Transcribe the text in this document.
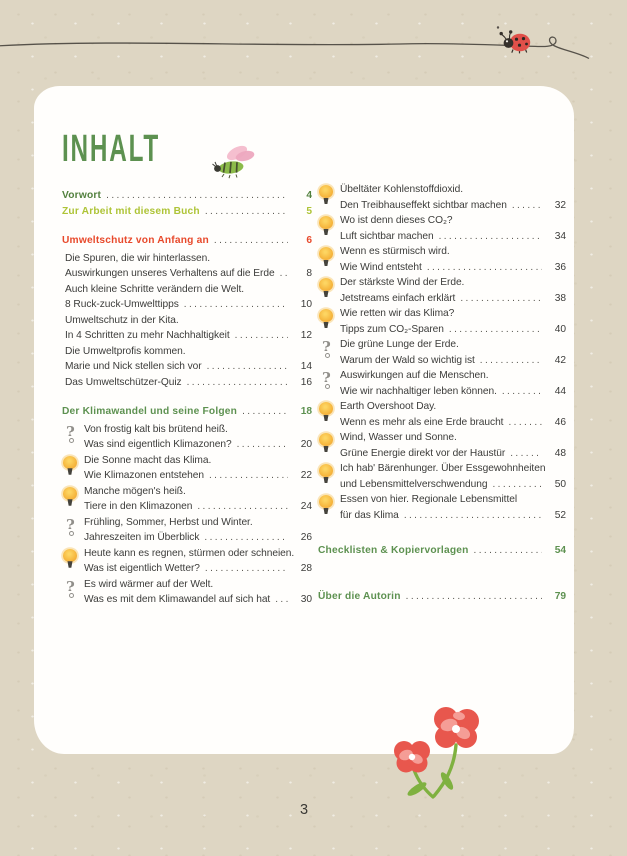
INHALT
Vorwort .....	4
Zur Arbeit mit diesem Buch .....	5
Umweltschutz von Anfang an .....	6
Die Spuren, die wir hinterlassen.
Auswirkungen unseres Verhaltens auf die Erde .....	8
Auch kleine Schritte verändern die Welt.
8 Ruck-zuck-Umwelttipps .....	10
Umweltschutz in der Kita.
In 4 Schritten zu mehr Nachhaltigkeit .....	12
Die Umweltprofis kommen.
Marie und Nick stellen sich vor .....	14
Das Umweltschützer-Quiz .....	16
Der Klimawandel und seine Folgen .....	18
?
Von frostig kalt bis brütend heiß.
Was sind eigentlich Klimazonen? .....	20
Die Sonne macht das Klima.
Wie Klimazonen entstehen .....	22
Manche mögen's heiß.
Tiere in den Klimazonen .....	24
?
Frühling, Sommer, Herbst und Winter.
Jahreszeiten im Überblick .....	26
Heute kann es regnen, stürmen oder schneien.
Was ist eigentlich Wetter? .....	28
?
Es wird wärmer auf der Welt.
Was es mit dem Klimawandel auf sich hat .....	30
Übeltäter Kohlenstoffdioxid.
Den Treibhauseffekt sichtbar machen .....	32
Wo ist denn dieses CO₂?
Luft sichtbar machen .....	34
Wenn es stürmisch wird.
Wie Wind entsteht .....	36
Der stärkste Wind der Erde.
Jetstreams einfach erklärt .....	38
Wie retten wir das Klima?
Tipps zum CO₂-Sparen .....	40
?
Die grüne Lunge der Erde.
Warum der Wald so wichtig ist .....	42
?
Auswirkungen auf die Menschen.
Wie wir nachhaltiger leben können. .....	44
Earth Overshoot Day.
Wenn es mehr als eine Erde braucht .....	46
Wind, Wasser und Sonne.
Grüne Energie direkt vor der Haustür .....	48
Ich hab' Bärenhunger. Über Essgewohnheiten
und Lebensmittelverschwendung .....	50
Essen von hier. Regionale Lebensmittel
für das Klima .....	52
Checklisten & Kopiervorlagen .....	54
Über die Autorin .....	79
3
